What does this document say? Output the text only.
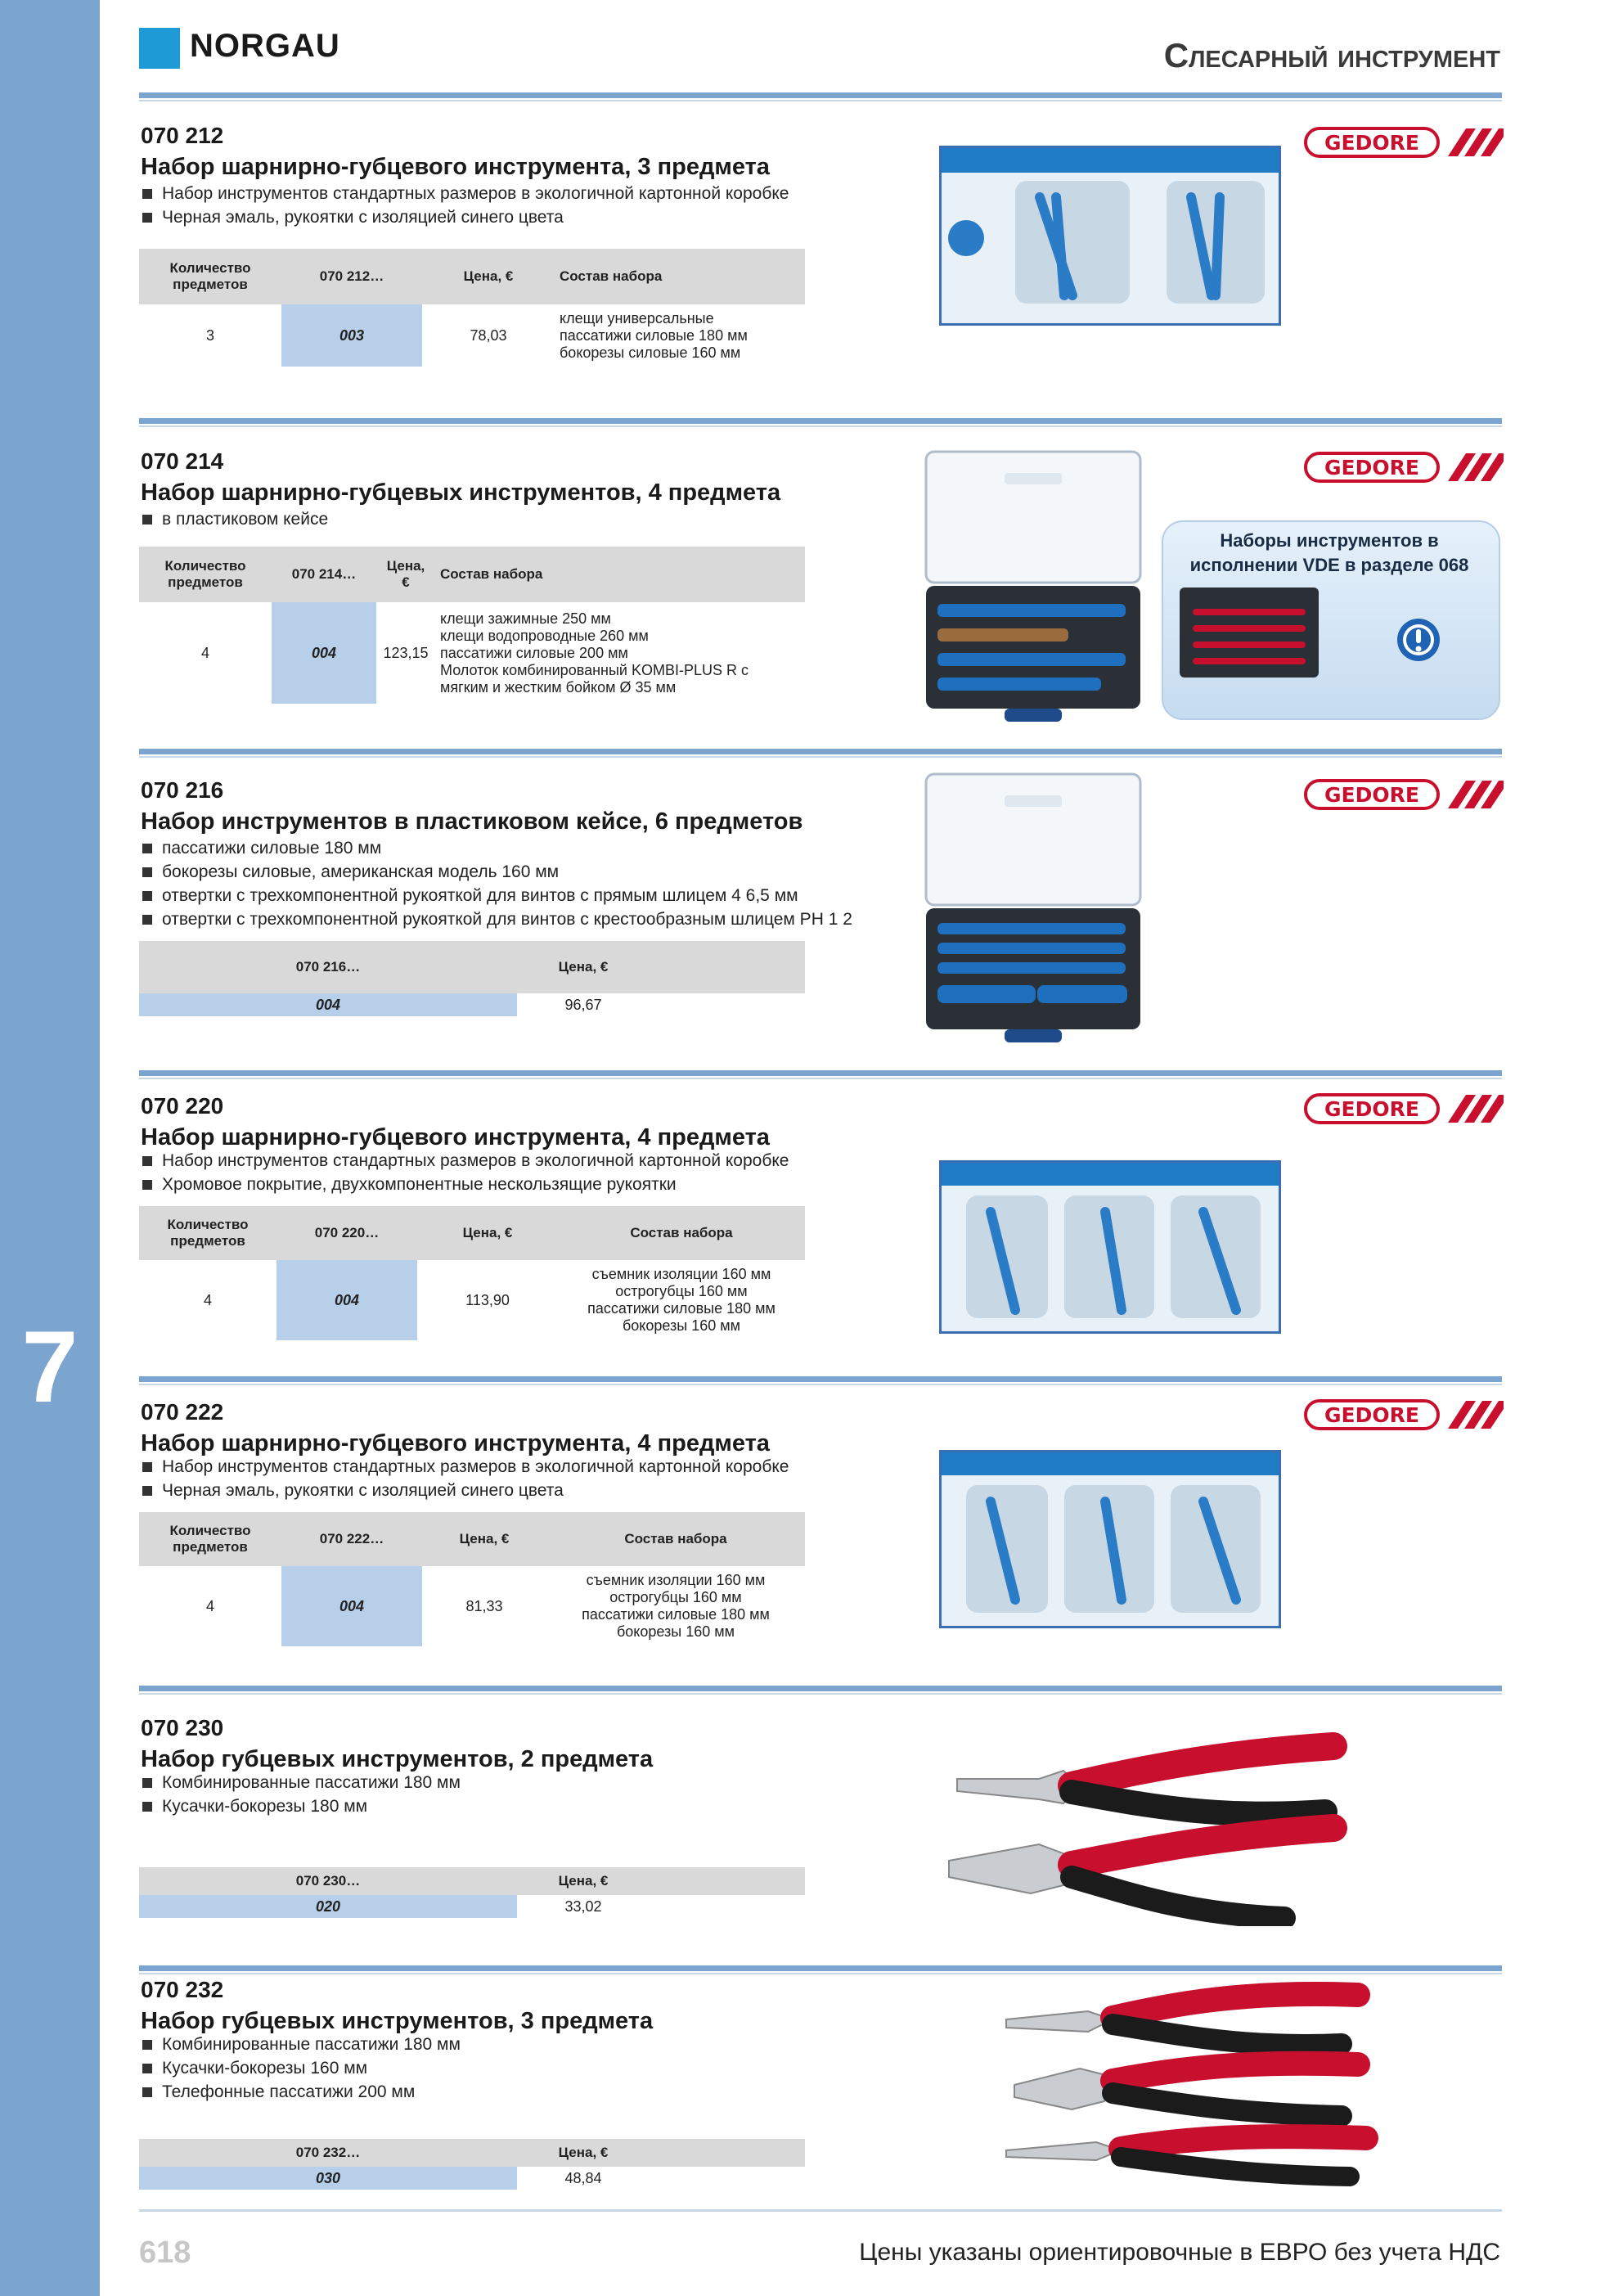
7
NORGAU	Слесарный инструмент
070 212
Набор шарнирно-губцевого инструмента, 3 предмета
Набор инструментов стандартных размеров в экологичной картонной коробке
Черная эмаль, рукоятки с изоляцией синего цвета
Количество предметов	070 212…	Цена, €	Состав набора
3	003	78,03	клещи универсальные
пассатижи силовые 180 мм
бокорезы силовые 160 мм
GEDORE
070 214
Набор шарнирно-губцевых инструментов, 4 предмета
в пластиковом кейсе
Количество предметов	070 214…	Цена, €	Состав набора
4	004	123,15	клещи зажимные 250 мм
клещи водопроводные 260 мм
пассатижи силовые 200 мм
Молоток комбинированный KOMBI-PLUS R с
мягким и жестким бойком Ø 35 мм
GEDORE
Наборы инструментов в исполнении VDE в разделе 068
070 216
Набор инструментов в пластиковом кейсе, 6 предметов
пассатижи силовые 180 мм
бокорезы силовые, американская модель 160 мм
отвертки с трехкомпонентной рукояткой для винтов с прямым шлицем 4 6,5 мм
отвертки с трехкомпонентной рукояткой для винтов с крестообразным шлицем PH 1 2
070 216…	Цена, €	
004	96,67	
GEDORE
070 220
Набор шарнирно-губцевого инструмента, 4 предмета
Набор инструментов стандартных размеров в экологичной картонной коробке
Хромовое покрытие, двухкомпонентные нескользящие рукоятки
Количество предметов	070 220…	Цена, €	Состав набора
4	004	113,90	съемник изоляции 160 мм
острогубцы 160 мм
пассатижи силовые 180 мм
бокорезы 160 мм
GEDORE
070 222
Набор шарнирно-губцевого инструмента, 4 предмета
Набор инструментов стандартных размеров в экологичной картонной коробке
Черная эмаль, рукоятки с изоляцией синего цвета
Количество предметов	070 222…	Цена, €	Состав набора
4	004	81,33	съемник изоляции 160 мм
острогубцы 160 мм
пассатижи силовые 180 мм
бокорезы 160 мм
GEDORE
070 230
Набор губцевых инструментов, 2 предмета
Комбинированные пассатижи 180 мм
Кусачки-бокорезы 180 мм
070 230…	Цена, €	
020	33,02	
070 232
Набор губцевых инструментов, 3 предмета
Комбинированные пассатижи 180 мм
Кусачки-бокорезы 160 мм
Телефонные пассатижи 200 мм
070 232…	Цена, €	
030	48,84	
618	Цены указаны ориентировочные в ЕВРО без учета НДС
